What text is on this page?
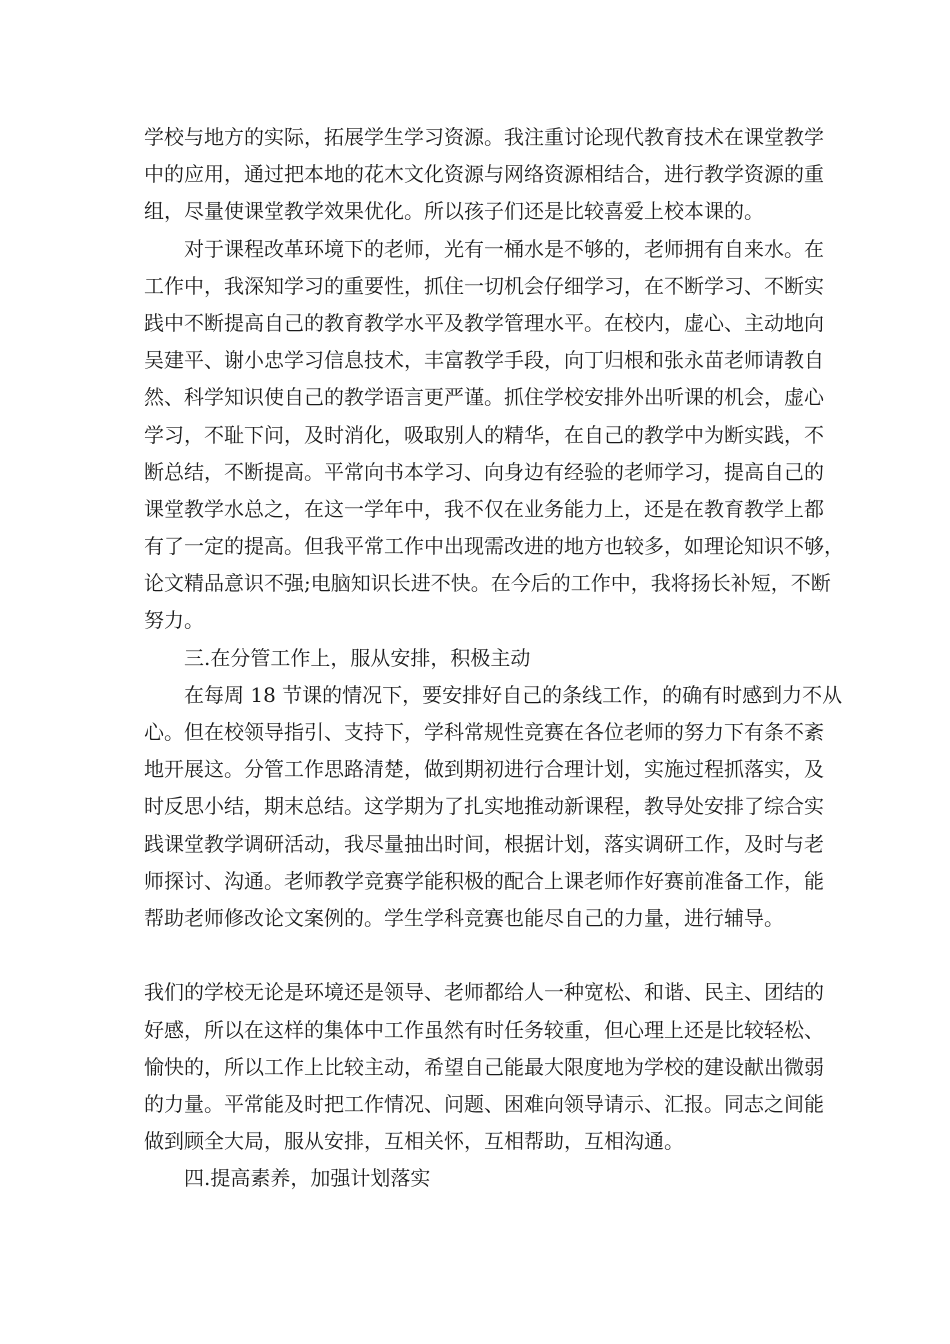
学校与地方的实际，拓展学生学习资源。我注重讨论现代教育技术在课堂教学
中的应用，通过把本地的花木文化资源与网络资源相结合，进行教学资源的重
组，尽量使课堂教学效果优化。所以孩子们还是比较喜爱上校本课的。
对于课程改革环境下的老师，光有一桶水是不够的，老师拥有自来水。在
工作中，我深知学习的重要性，抓住一切机会仔细学习，在不断学习、不断实
践中不断提高自己的教育教学水平及教学管理水平。在校内，虚心、主动地向
吴建平、谢小忠学习信息技术，丰富教学手段，向丁归根和张永苗老师请教自
然、科学知识使自己的教学语言更严谨。抓住学校安排外出听课的机会，虚心
学习，不耻下问，及时消化，吸取别人的精华，在自己的教学中为断实践，不
断总结，不断提高。平常向书本学习、向身边有经验的老师学习，提高自己的
课堂教学水总之，在这一学年中，我不仅在业务能力上，还是在教育教学上都
有了一定的提高。但我平常工作中出现需改进的地方也较多，如理论知识不够，
论文精品意识不强;电脑知识长进不快。在今后的工作中，我将扬长补短，不断
努力。
三.在分管工作上，服从安排，积极主动
在每周 18 节课的情况下，要安排好自己的条线工作，的确有时感到力不从
心。但在校领导指引、支持下，学科常规性竞赛在各位老师的努力下有条不紊
地开展这。分管工作思路清楚，做到期初进行合理计划，实施过程抓落实，及
时反思小结，期末总结。这学期为了扎实地推动新课程，教导处安排了综合实
践课堂教学调研活动，我尽量抽出时间，根据计划，落实调研工作，及时与老
师探讨、沟通。老师教学竞赛学能积极的配合上课老师作好赛前准备工作，能
帮助老师修改论文案例的。学生学科竞赛也能尽自己的力量，进行辅导。
我们的学校无论是环境还是领导、老师都给人一种宽松、和谐、民主、团结的
好感，所以在这样的集体中工作虽然有时任务较重，但心理上还是比较轻松、
愉快的，所以工作上比较主动，希望自己能最大限度地为学校的建设献出微弱
的力量。平常能及时把工作情况、问题、困难向领导请示、汇报。同志之间能
做到顾全大局，服从安排，互相关怀，互相帮助，互相沟通。
四.提高素养，加强计划落实
